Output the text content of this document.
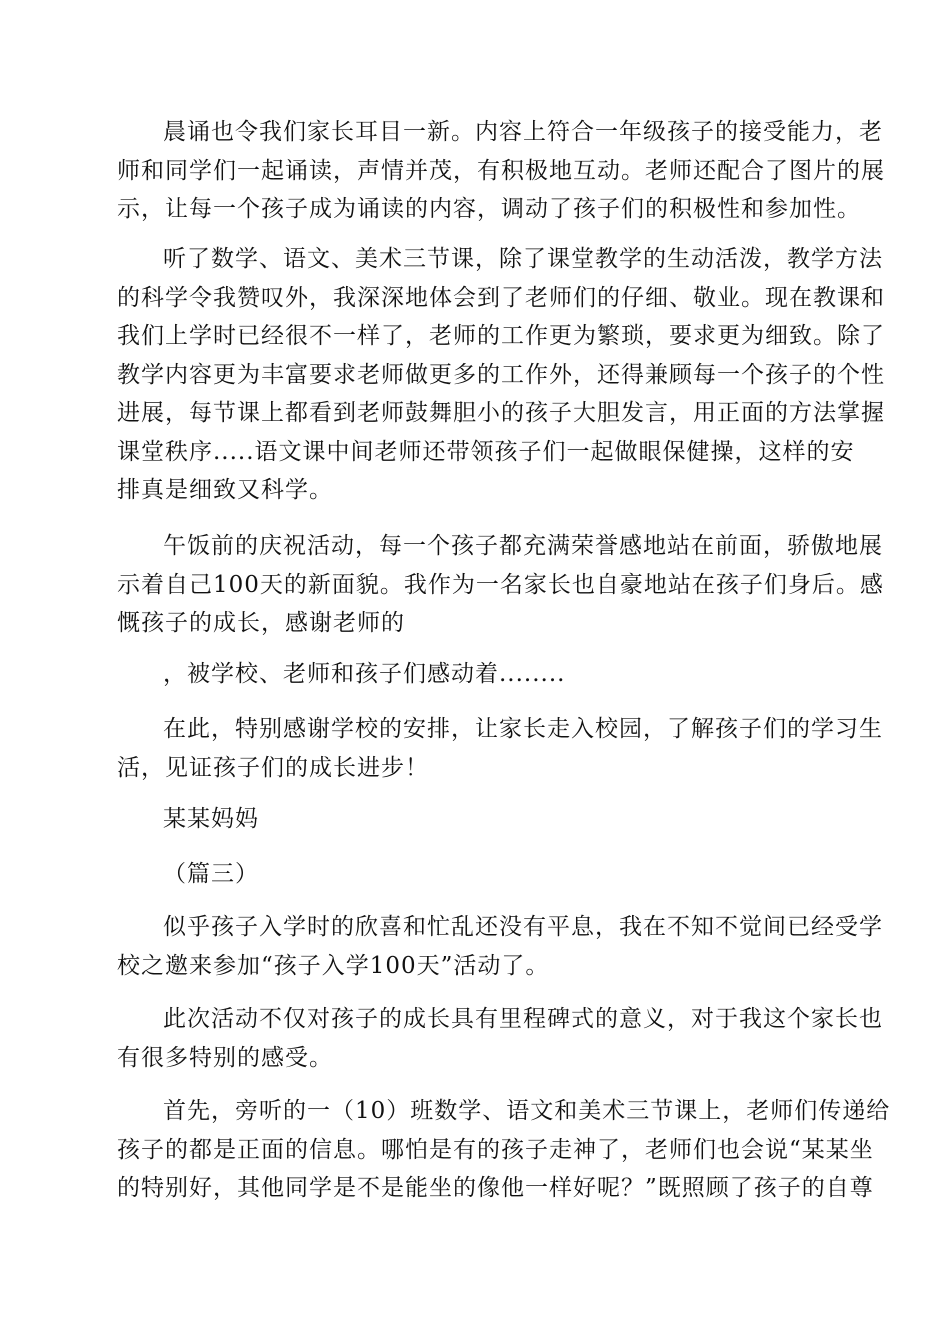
晨诵也令我们家长耳目一新。内容上符合一年级孩子的接受能力，老
师和同学们一起诵读，声情并茂，有积极地互动。老师还配合了图片的展
示，让每一个孩子成为诵读的内容，调动了孩子们的积极性和参加性。
听了数学、语文、美术三节课，除了课堂教学的生动活泼，教学方法
的科学令我赞叹外，我深深地体会到了老师们的仔细、敬业。现在教课和
我们上学时已经很不一样了，老师的工作更为繁琐，要求更为细致。除了
教学内容更为丰富要求老师做更多的工作外，还得兼顾每一个孩子的个性
进展，每节课上都看到老师鼓舞胆小的孩子大胆发言，用正面的方法掌握
课堂秩序.....语文课中间老师还带领孩子们一起做眼保健操，这样的安
排真是细致又科学。
午饭前的庆祝活动，每一个孩子都充满荣誉感地站在前面，骄傲地展
示着自己100天的新面貌。我作为一名家长也自豪地站在孩子们身后。感
慨孩子的成长，感谢老师的

，被学校、老师和孩子们感动着........

在此，特别感谢学校的安排，让家长走入校园，了解孩子们的学习生
活，见证孩子们的成长进步！

某某妈妈

（篇三）

似乎孩子入学时的欣喜和忙乱还没有平息，我在不知不觉间已经受学
校之邀来参加“孩子入学100天”活动了。
此次活动不仅对孩子的成长具有里程碑式的意义，对于我这个家长也
有很多特别的感受。
首先，旁听的一（10）班数学、语文和美术三节课上，老师们传递给
孩子的都是正面的信息。哪怕是有的孩子走神了，老师们也会说“某某坐
的特别好，其他同学是不是能坐的像他一样好呢？”既照顾了孩子的自尊
